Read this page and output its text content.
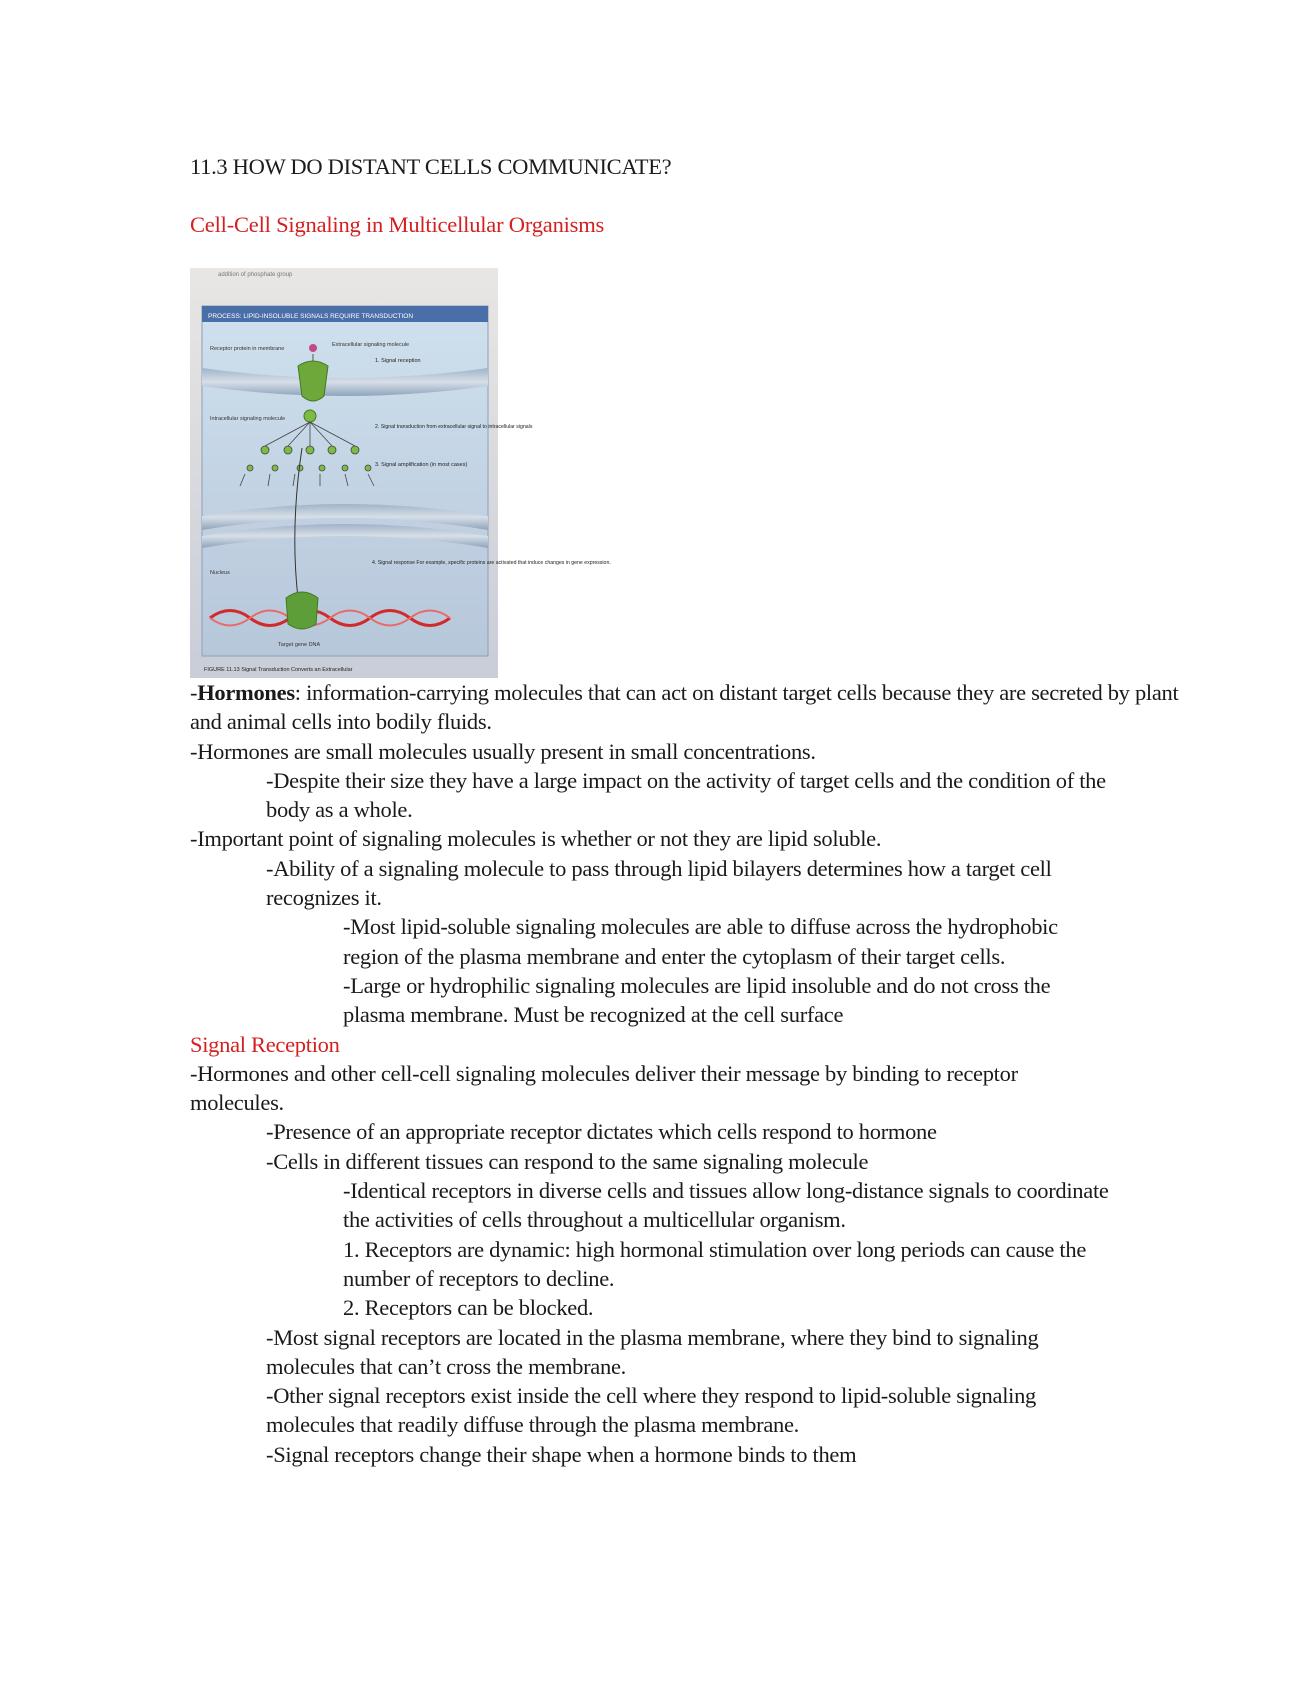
11.3 HOW DO DISTANT CELLS COMMUNICATE?
Cell-Cell Signaling in Multicellular Organisms
addition of phosphate group
PROCESS: LIPID-INSOLUBLE SIGNALS REQUIRE TRANSDUCTION
Extracellular signaling molecule
Receptor protein in membrane
1. Signal reception
Intracellular signaling molecule
2. Signal transduction from extracellular signal to intracellular signals
3. Signal amplification (in most cases)
Nucleus
4. Signal response For example, specific proteins are activated that induce changes in gene expression.
Target gene DNA
FIGURE 11.13 Signal Transduction Converts an Extracellular

-Hormones: information-carrying molecules that can act on distant target cells because they are secreted by plant and animal cells into bodily fluids.

-Hormones are small molecules usually present in small concentrations.

-Despite their size they have a large impact on the activity of target cells and the condition of the body as a whole.

-Important point of signaling molecules is whether or not they are lipid soluble.

-Ability of a signaling molecule to pass through lipid bilayers determines how a target cell recognizes it.

-Most lipid-soluble signaling molecules are able to diffuse across the hydrophobic region of the plasma membrane and enter the cytoplasm of their target cells.

-Large or hydrophilic signaling molecules are lipid insoluble and do not cross the plasma membrane. Must be recognized at the cell surface

Signal Reception

-Hormones and other cell-cell signaling molecules deliver their message by binding to receptor molecules.

-Presence of an appropriate receptor dictates which cells respond to hormone

-Cells in different tissues can respond to the same signaling molecule

-Identical receptors in diverse cells and tissues allow long-distance signals to coordinate the activities of cells throughout a multicellular organism.

1. Receptors are dynamic: high hormonal stimulation over long periods can cause the number of receptors to decline.

2. Receptors can be blocked.

-Most signal receptors are located in the plasma membrane, where they bind to signaling molecules that can’t cross the membrane.

-Other signal receptors exist inside the cell where they respond to lipid-soluble signaling molecules that readily diffuse through the plasma membrane.

-Signal receptors change their shape when a hormone binds to them
